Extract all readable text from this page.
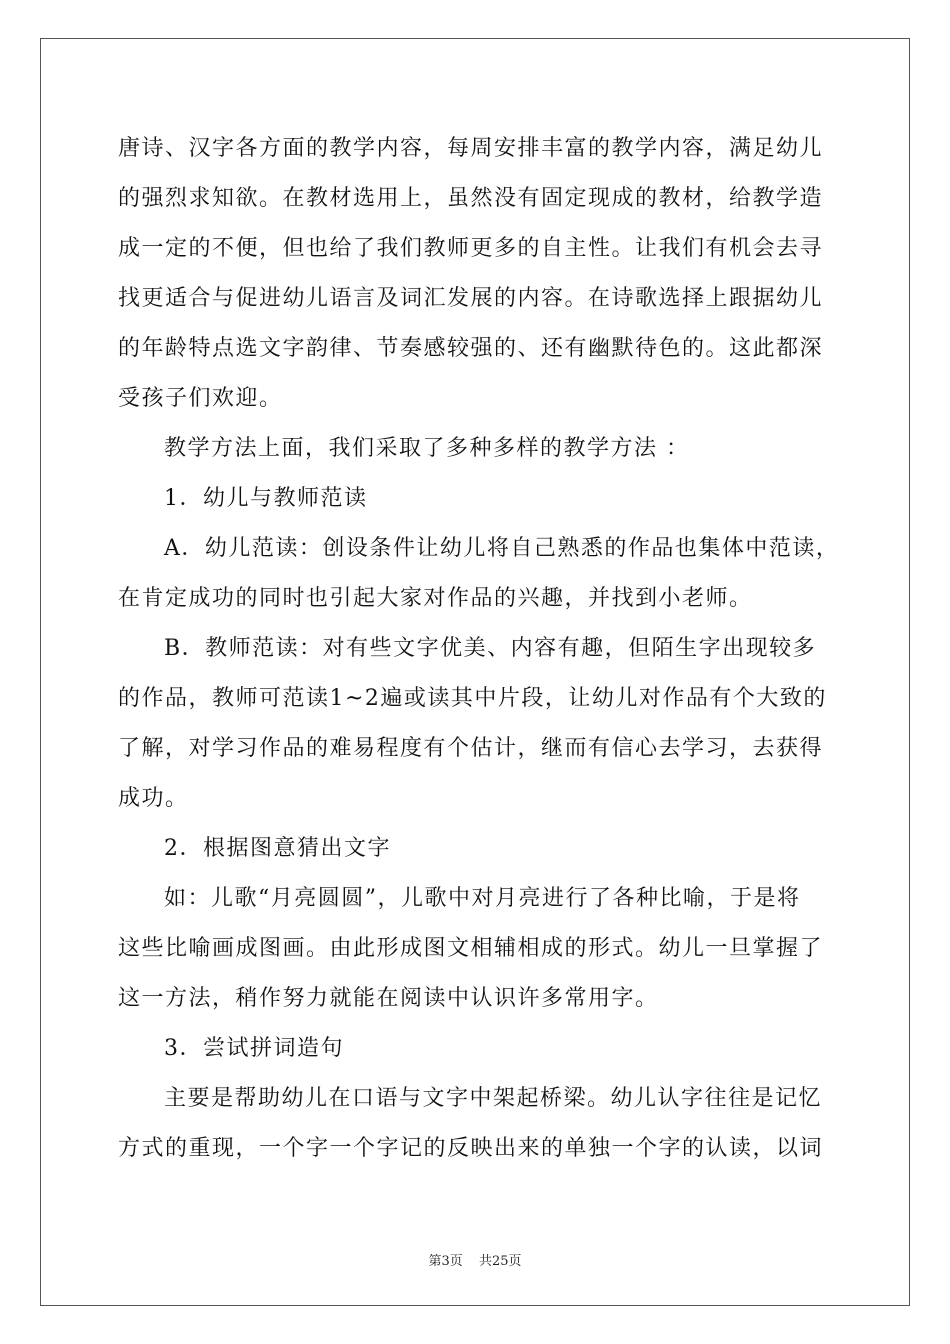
唐诗、汉字各方面的教学内容，每周安排丰富的教学内容，满足幼儿
的强烈求知欲。在教材选用上，虽然没有固定现成的教材，给教学造
成一定的不便，但也给了我们教师更多的自主性。让我们有机会去寻
找更适合与促进幼儿语言及词汇发展的内容。在诗歌选择上跟据幼儿
的年龄特点选文字韵律、节奏感较强的、还有幽默待色的。这此都深
受孩子们欢迎。
教学方法上面，我们采取了多种多样的教学方法 ：
1．幼儿与教师范读
A．幼儿范读：创设条件让幼儿将自己熟悉的作品也集体中范读，
在肯定成功的同时也引起大家对作品的兴趣，并找到小老师。
B．教师范读：对有些文字优美、内容有趣，但陌生字出现较多
的作品，教师可范读1~2遍或读其中片段，让幼儿对作品有个大致的
了解，对学习作品的难易程度有个估计，继而有信心去学习，去获得
成功。
2．根据图意猜出文字
如：儿歌“月亮圆圆”，儿歌中对月亮进行了各种比喻，于是将
这些比喻画成图画。由此形成图文相辅相成的形式。幼儿一旦掌握了
这一方法，稍作努力就能在阅读中认识许多常用字。
3．尝试拼词造句
主要是帮助幼儿在口语与文字中架起桥梁。幼儿认字往往是记忆
方式的重现，一个字一个字记的反映出来的单独一个字的认读，以词
第3页 共25页
